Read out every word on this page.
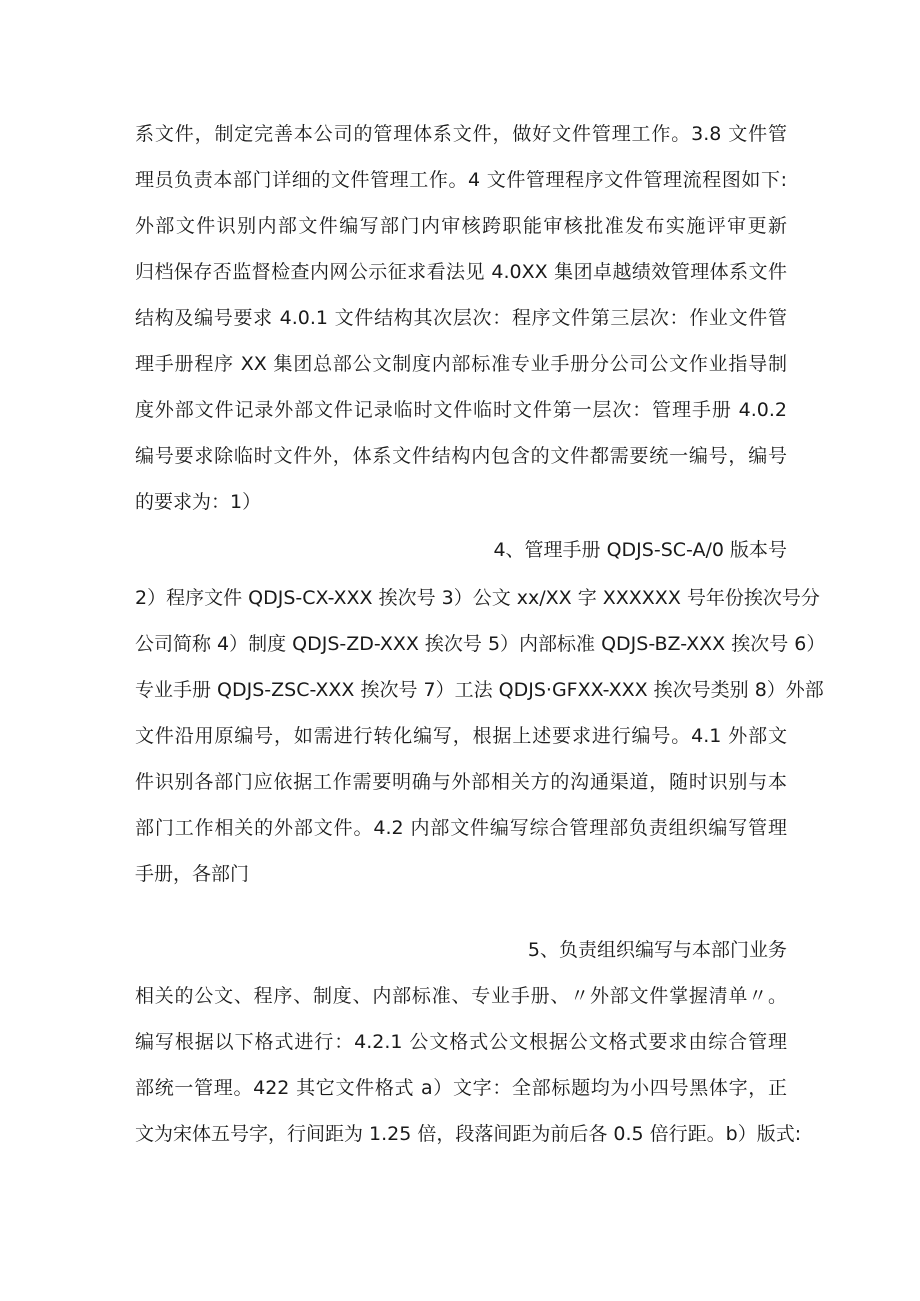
系文件，制定完善本公司的管理体系文件，做好文件管理工作。3.8 文件管
理员负责本部门详细的文件管理工作。4 文件管理程序文件管理流程图如下:
外部文件识别内部文件编写部门内审核跨职能审核批准发布实施评审更新
归档保存否监督检查内网公示征求看法见 4.0XX 集团卓越绩效管理体系文件
结构及编号要求 4.0.1 文件结构其次层次：程序文件第三层次：作业文件管
理手册程序 XX 集团总部公文制度内部标准专业手册分公司公文作业指导制
度外部文件记录外部文件记录临时文件临时文件第一层次：管理手册 4.0.2
编号要求除临时文件外，体系文件结构内包含的文件都需要统一编号，编号
的要求为：1）
4、管理手册 QDJS-SC-A/0 版本号
2）程序文件 QDJS-CX-XXX 挨次号 3）公文 xx/XX 字 XXXXXX 号年份挨次号分
公司简称 4）制度 QDJS-ZD-XXX 挨次号 5）内部标准 QDJS-BZ-XXX 挨次号 6）
专业手册 QDJS-ZSC-XXX 挨次号 7）工法 QDJS·GFXX-XXX 挨次号类别 8）外部
文件沿用原编号，如需进行转化编写，根据上述要求进行编号。4.1 外部文
件识别各部门应依据工作需要明确与外部相关方的沟通渠道，随时识别与本
部门工作相关的外部文件。4.2 内部文件编写综合管理部负责组织编写管理
手册，各部门
5、负责组织编写与本部门业务
相关的公文、程序、制度、内部标准、专业手册、〃外部文件掌握清单〃。
编写根据以下格式进行：4.2.1 公文格式公文根据公文格式要求由综合管理
部统一管理。422 其它文件格式 a）文字：全部标题均为小四号黑体字，正
文为宋体五号字，行间距为 1.25 倍，段落间距为前后各 0.5 倍行距。b）版式:
